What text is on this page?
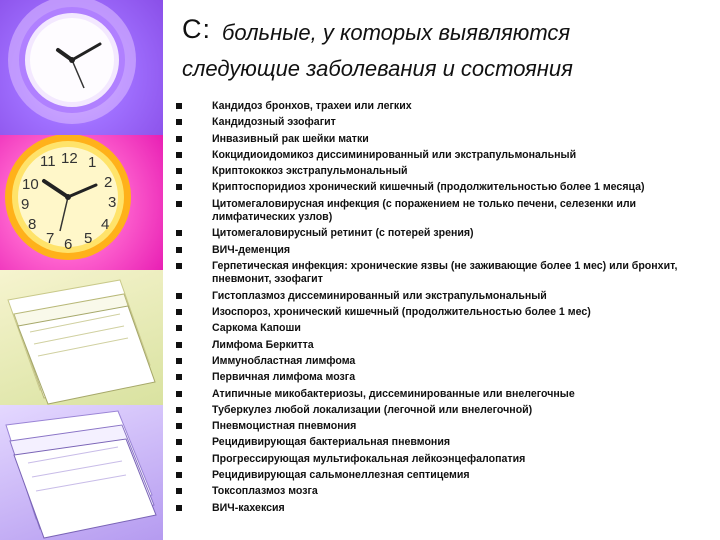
11 12 1
10
9
8
2
3
4
7 6 5
С: больные, у которых выявляются
следующие заболевания и состояния
Кандидоз бронхов, трахеи или легких
Кандидозный эзофагит
Инвазивный рак шейки матки
Кокцидиоидомикоз диссиминированный или экстрапульмональный
Криптококкоз экстрапульмональный
Криптоспоридиоз хронический кишечный (продолжительностью более 1 месяца)
Цитомегаловирусная инфекция (с поражением не только печени, селезенки или лимфатических узлов)
Цитомегаловирусный ретинит (с потерей зрения)
ВИЧ-деменция
Герпетическая инфекция: хронические язвы (не заживающие более 1 мес) или бронхит, пневмонит, эзофагит
Гистоплазмоз диссеминированный или экстрапульмональный
Изоспороз, хронический кишечный (продолжительностью более 1 мес)
Саркома Капоши
Лимфома Беркитта
Иммунобластная лимфома
Первичная лимфома мозга
Атипичные микобактериозы, диссеминированные или внелегочные
Туберкулез любой локализации (легочной или внелегочной)
Пневмоцистная пневмония
Рецидивирующая бактериальная пневмония
Прогрессирующая мультифокальная лейкоэнцефалопатия
Рецидивирующая сальмонеллезная септицемия
Токсоплазмоз мозга
ВИЧ-кахексия
